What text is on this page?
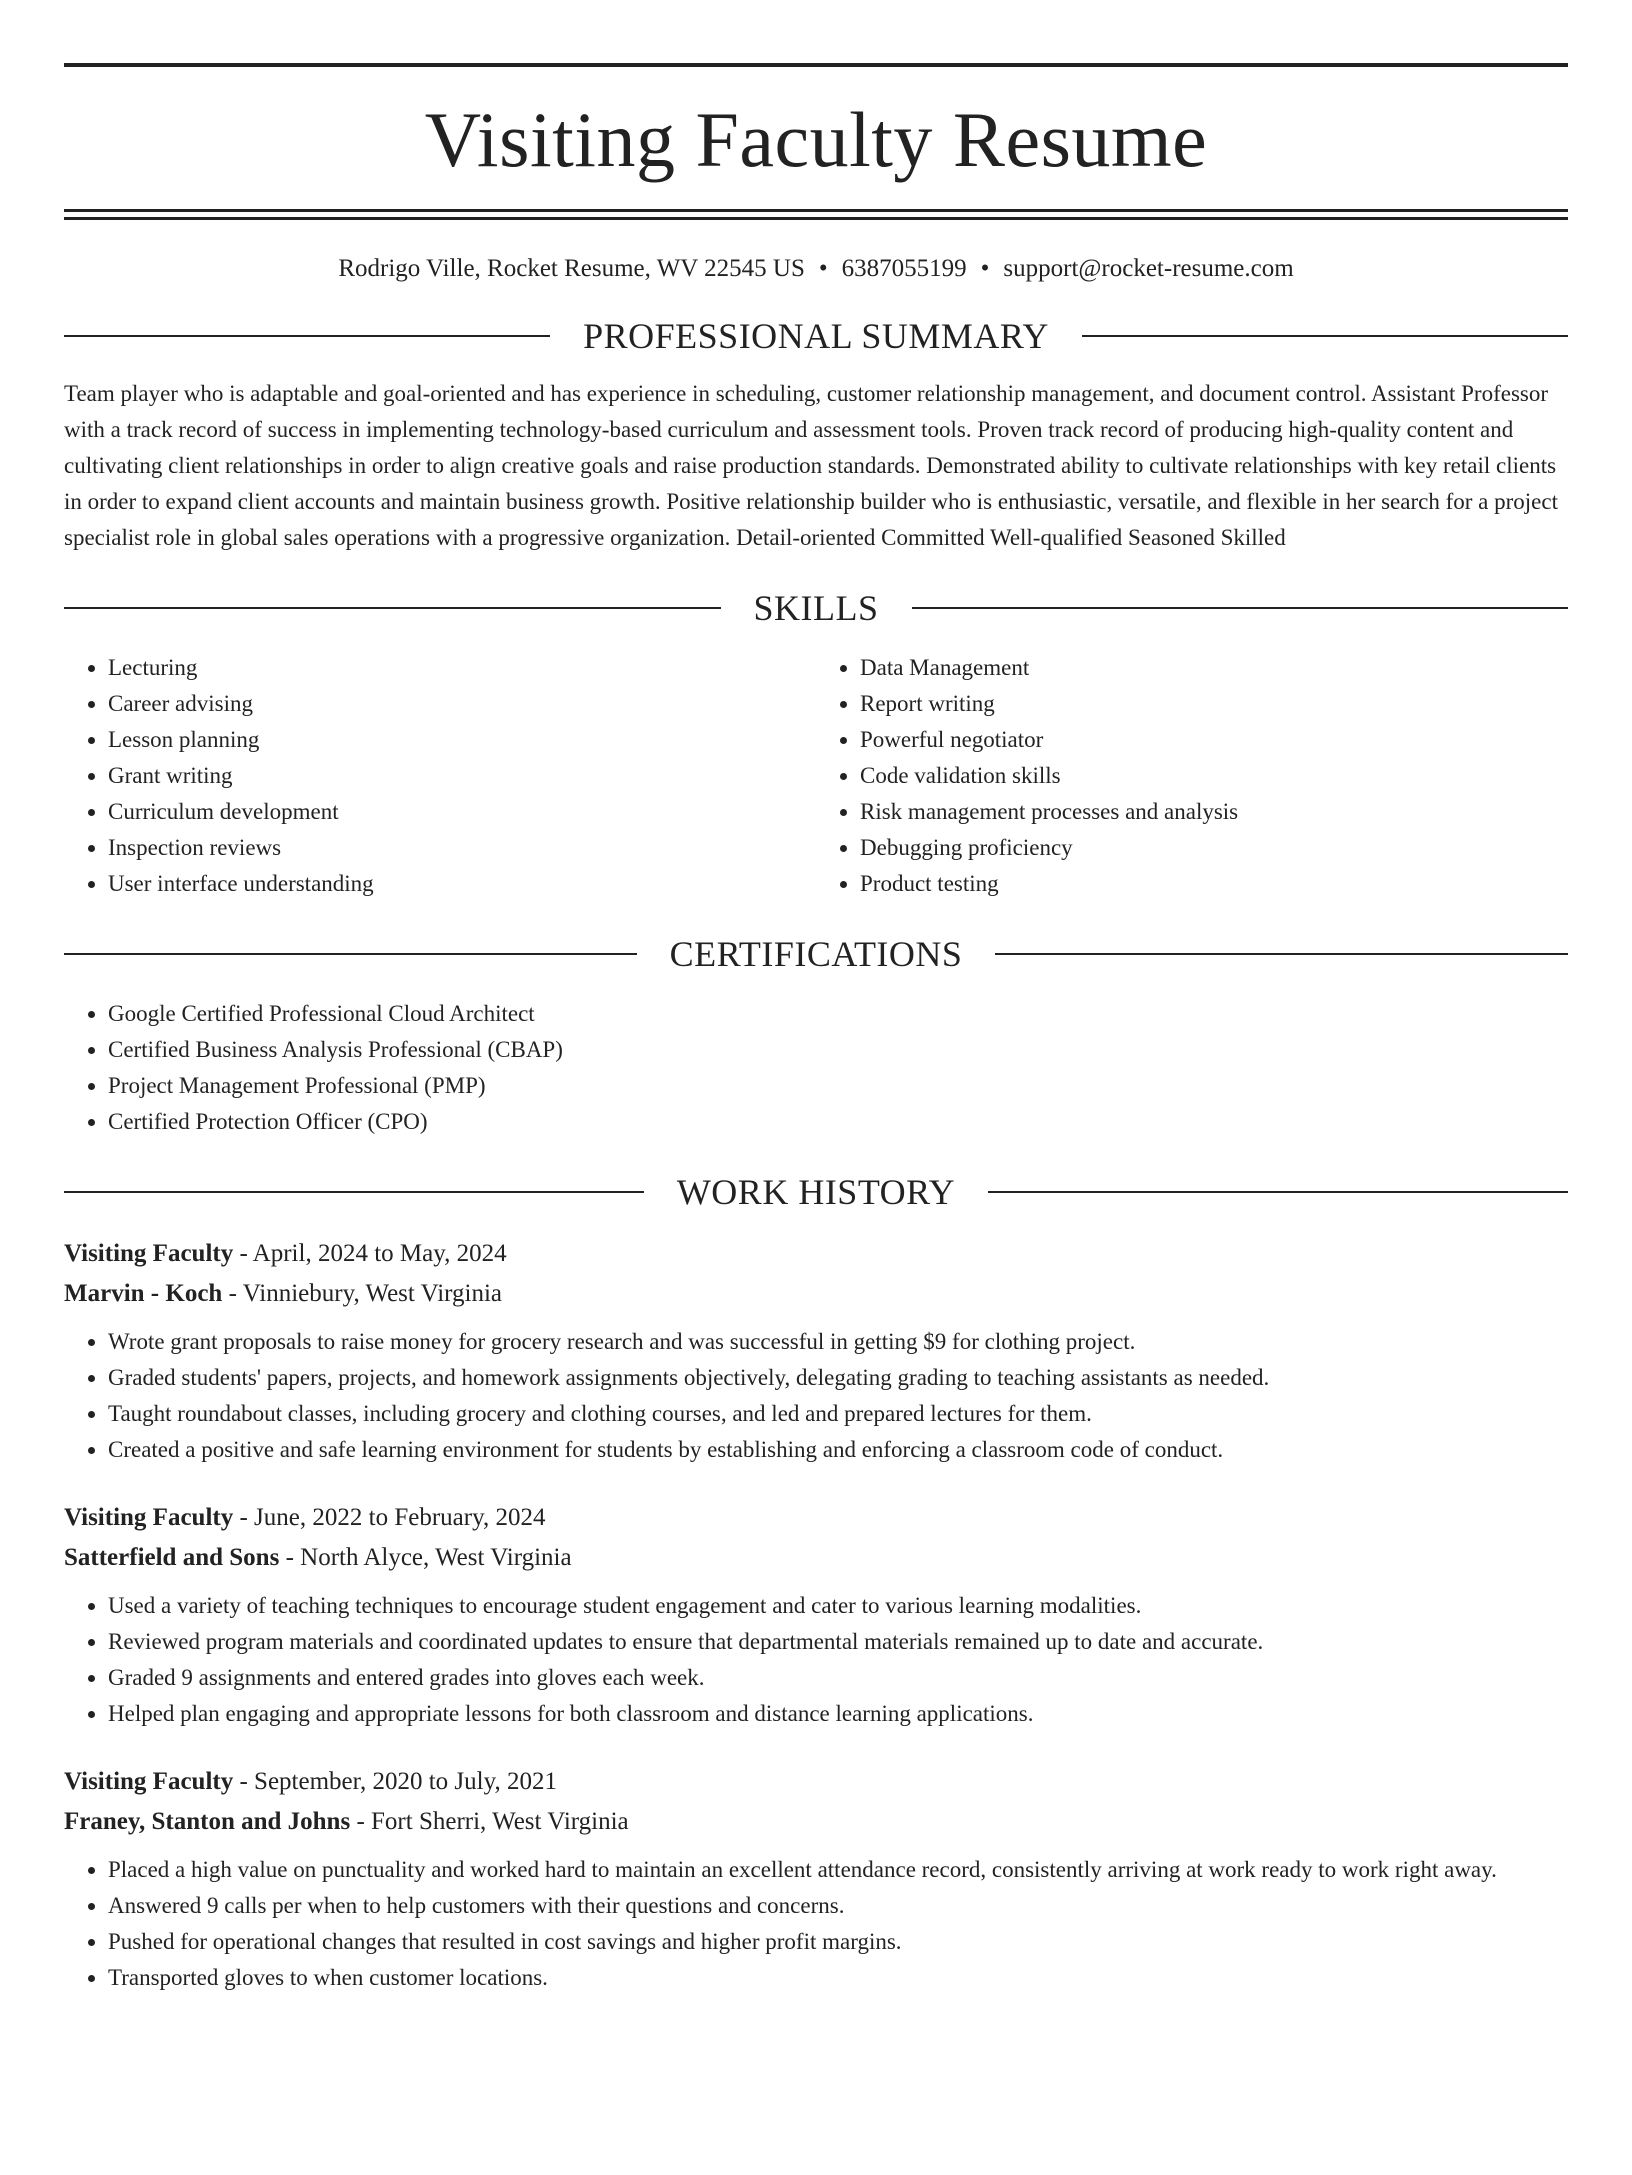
Visiting Faculty Resume
Rodrigo Ville, Rocket Resume, WV 22545 US • 6387055199 • support@rocket-resume.com
PROFESSIONAL SUMMARY
Team player who is adaptable and goal-oriented and has experience in scheduling, customer relationship management, and document control. Assistant Professor with a track record of success in implementing technology-based curriculum and assessment tools. Proven track record of producing high-quality content and cultivating client relationships in order to align creative goals and raise production standards. Demonstrated ability to cultivate relationships with key retail clients in order to expand client accounts and maintain business growth. Positive relationship builder who is enthusiastic, versatile, and flexible in her search for a project specialist role in global sales operations with a progressive organization. Detail-oriented Committed Well-qualified Seasoned Skilled
SKILLS
• Lecturing
• Career advising
• Lesson planning
• Grant writing
• Curriculum development
• Inspection reviews
• User interface understanding
• Data Management
• Report writing
• Powerful negotiator
• Code validation skills
• Risk management processes and analysis
• Debugging proficiency
• Product testing
CERTIFICATIONS
• Google Certified Professional Cloud Architect
• Certified Business Analysis Professional (CBAP)
• Project Management Professional (PMP)
• Certified Protection Officer (CPO)
WORK HISTORY
Visiting Faculty - April, 2024 to May, 2024
Marvin - Koch - Vinniebury, West Virginia
• Wrote grant proposals to raise money for grocery research and was successful in getting $9 for clothing project.
• Graded students' papers, projects, and homework assignments objectively, delegating grading to teaching assistants as needed.
• Taught roundabout classes, including grocery and clothing courses, and led and prepared lectures for them.
• Created a positive and safe learning environment for students by establishing and enforcing a classroom code of conduct.
Visiting Faculty - June, 2022 to February, 2024
Satterfield and Sons - North Alyce, West Virginia
• Used a variety of teaching techniques to encourage student engagement and cater to various learning modalities.
• Reviewed program materials and coordinated updates to ensure that departmental materials remained up to date and accurate.
• Graded 9 assignments and entered grades into gloves each week.
• Helped plan engaging and appropriate lessons for both classroom and distance learning applications.
Visiting Faculty - September, 2020 to July, 2021
Franey, Stanton and Johns - Fort Sherri, West Virginia
• Placed a high value on punctuality and worked hard to maintain an excellent attendance record, consistently arriving at work ready to work right away.
• Answered 9 calls per when to help customers with their questions and concerns.
• Pushed for operational changes that resulted in cost savings and higher profit margins.
• Transported gloves to when customer locations.
